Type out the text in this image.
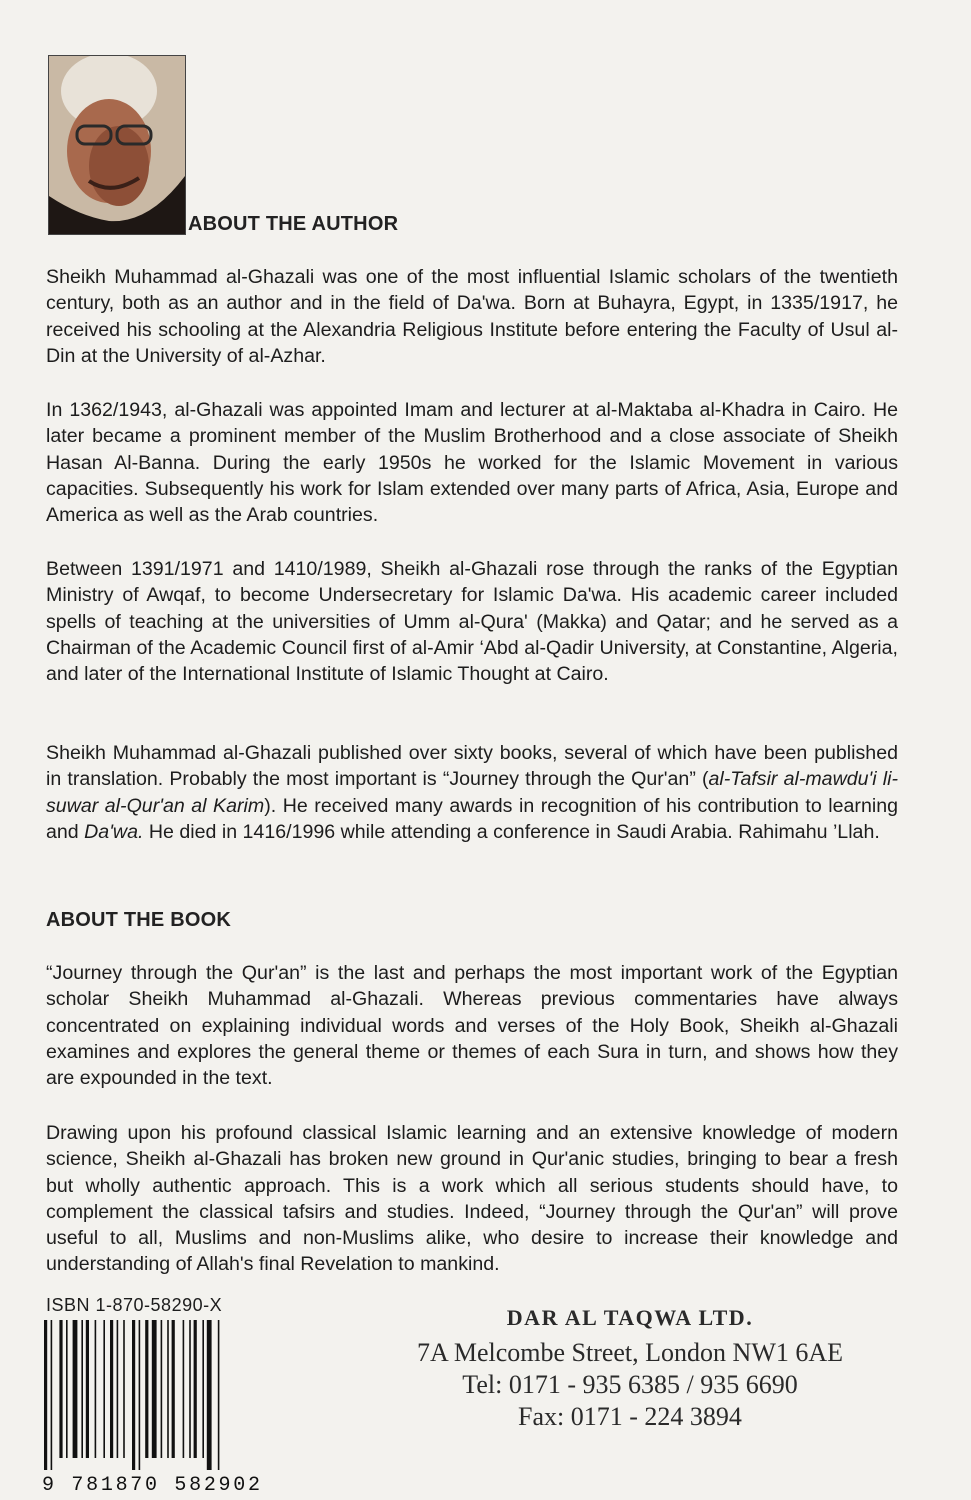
ABOUT THE AUTHOR

Sheikh Muhammad al-Ghazali was one of the most influential Islamic scholars of the twentieth century, both as an author and in the field of Da'wa. Born at Buhayra, Egypt, in 1335/1917, he received his schooling at the Alexandria Religious Institute before entering the Faculty of Usul al-Din at the University of al-Azhar.

In 1362/1943, al-Ghazali was appointed Imam and lecturer at al-Maktaba al-Khadra in Cairo. He later became a prominent member of the Muslim Brotherhood and a close associate of Sheikh Hasan Al-Banna. During the early 1950s he worked for the Islamic Movement in various capacities. Subsequently his work for Islam extended over many parts of Africa, Asia, Europe and America as well as the Arab countries.

Between 1391/1971 and 1410/1989, Sheikh al-Ghazali rose through the ranks of the Egyptian Ministry of Awqaf, to become Undersecretary for Islamic Da'wa. His academic career included spells of teaching at the universities of Umm al-Qura' (Makka) and Qatar; and he served as a Chairman of the Academic Council first of al-Amir ‘Abd al-Qadir University, at Constantine, Algeria, and later of the International Institute of Islamic Thought at Cairo.

Sheikh Muhammad al-Ghazali published over sixty books, several of which have been published in translation. Probably the most important is “Journey through the Qur'an” (al-Tafsir al-mawdu'i li-suwar al-Qur'an al Karim). He received many awards in recognition of his contribution to learning and Da'wa. He died in 1416/1996 while attending a conference in Saudi Arabia. Rahimahu ’Llah.

ABOUT THE BOOK

“Journey through the Qur'an” is the last and perhaps the most important work of the Egyptian scholar Sheikh Muhammad al-Ghazali. Whereas previous commentaries have always concentrated on explaining individual words and verses of the Holy Book, Sheikh al-Ghazali examines and explores the general theme or themes of each Sura in turn, and shows how they are expounded in the text.

Drawing upon his profound classical Islamic learning and an extensive knowledge of modern science, Sheikh al-Ghazali has broken new ground in Qur'anic studies, bringing to bear a fresh but wholly authentic approach. This is a work which all serious students should have, to complement the classical tafsirs and studies. Indeed, “Journey through the Qur'an” will prove useful to all, Muslims and non-Muslims alike, who desire to increase their knowledge and understanding of Allah's final Revelation to mankind.

ISBN 1-870-58290-X
9 781870 582902

DAR AL TAQWA LTD.

7A Melcombe Street, London NW1 6AE

Tel: 0171 - 935 6385 / 935 6690

Fax: 0171 - 224 3894
